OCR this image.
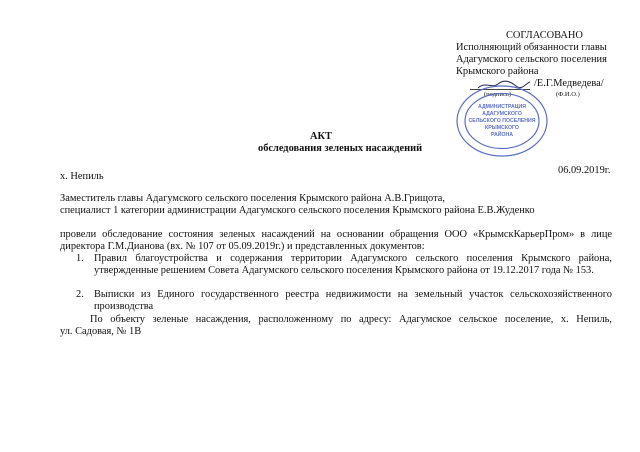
СОГЛАСОВАНО
Исполняющий обязанности главы
Адагумского сельского поселения
Крымского района
/Е.Г.Медведева/
(подпись)	(Ф.И.О.)
АДМИНИСТРАЦИЯ
АДАГУМСКОГО
СЕЛЬСКОГО ПОСЕЛЕНИЯ
КРЫМСКОГО
РАЙОНА
АКТ
обследования зеленых насаждений
06.09.2019г.
х. Непиль
Заместитель главы Адагумского сельского поселения Крымского района А.В.Грищота,
специалист 1 категории администрации Адагумского сельского поселения Крымского района Е.В.Жуденко
провели обследование состояния зеленых насаждений на основании обращения ООО «КрымскКарьерПром» в лице
директора Г.М.Дианова (вх. № 107 от 05.09.2019г.) и представленных документов:
1. Правил благоустройства и содержания территории Адагумского сельского поселения Крымского района,
утвержденные решением Совета Адагумского сельского поселения Крымского района от 19.12.2017 года № 153.
2. Выписки из Единого государственного реестра недвижимости на земельный участок сельскохозяйственного
производства
По объекту зеленые насаждения, расположенному по адресу: Адагумское сельское поселение, х. Непиль,
ул. Садовая, № 1В
